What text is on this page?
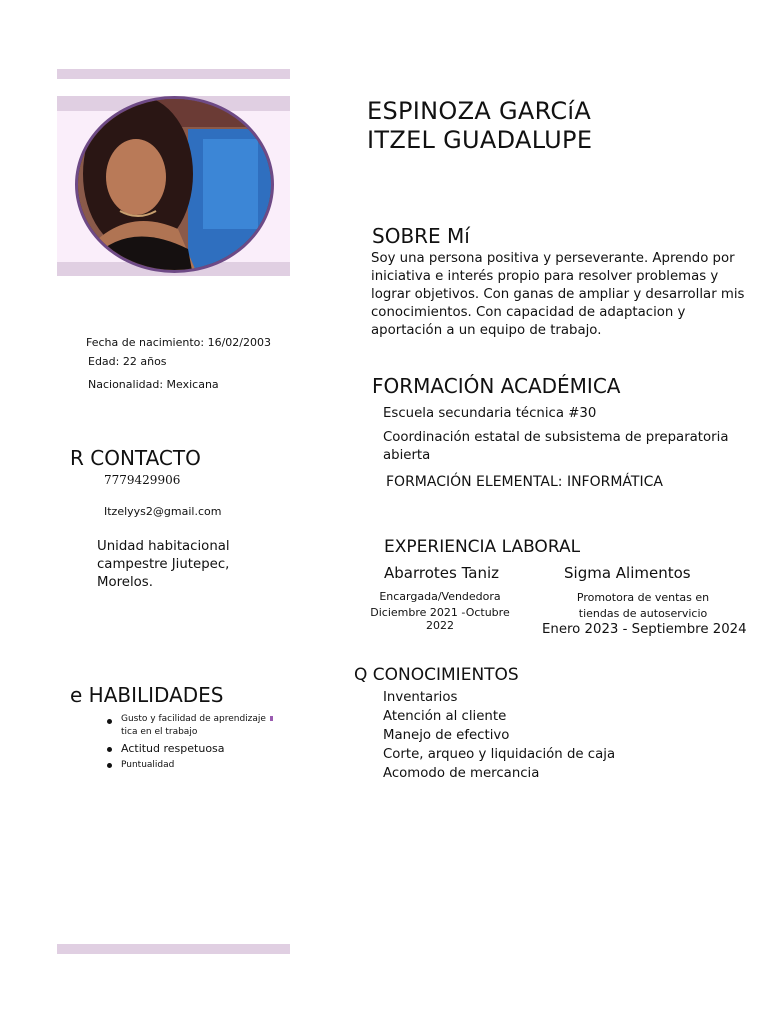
ESPINOZA GARCíA
ITZEL GUADALUPE
Fecha de nacimiento: 16/02/2003
Edad: 22 años
Nacionalidad: Mexicana
R CONTACTO
7779429906
Itzelyys2@gmail.com
Unidad habitacional campestre Jiutepec, Morelos.
e HABILIDADES
Gusto y facilidad de aprendizaje
tica en el trabajo
Actitud respetuosa
Puntualidad
SOBRE Mí
Soy una persona positiva y perseverante. Aprendo por iniciativa e interés propio para resolver problemas y lograr objetivos. Con ganas de ampliar y desarrollar mis conocimientos. Con capacidad de adaptacion y aportación a un equipo de trabajo.
FORMACIÓN ACADÉMICA
Escuela secundaria técnica #30
Coordinación estatal de subsistema de preparatoria abierta
FORMACIÓN ELEMENTAL: INFORMÁTICA
EXPERIENCIA LABORAL
Abarrotes Taniz	Sigma Alimentos
Encargada/Vendedora
Diciembre 2021 -Octubre 2022
Promotora de ventas en tiendas de autoservicio
Enero 2023 - Septiembre 2024
Q CONOCIMIENTOS
Inventarios
Atención al cliente
Manejo de efectivo
Corte, arqueo y liquidación de caja
Acomodo de mercancia
